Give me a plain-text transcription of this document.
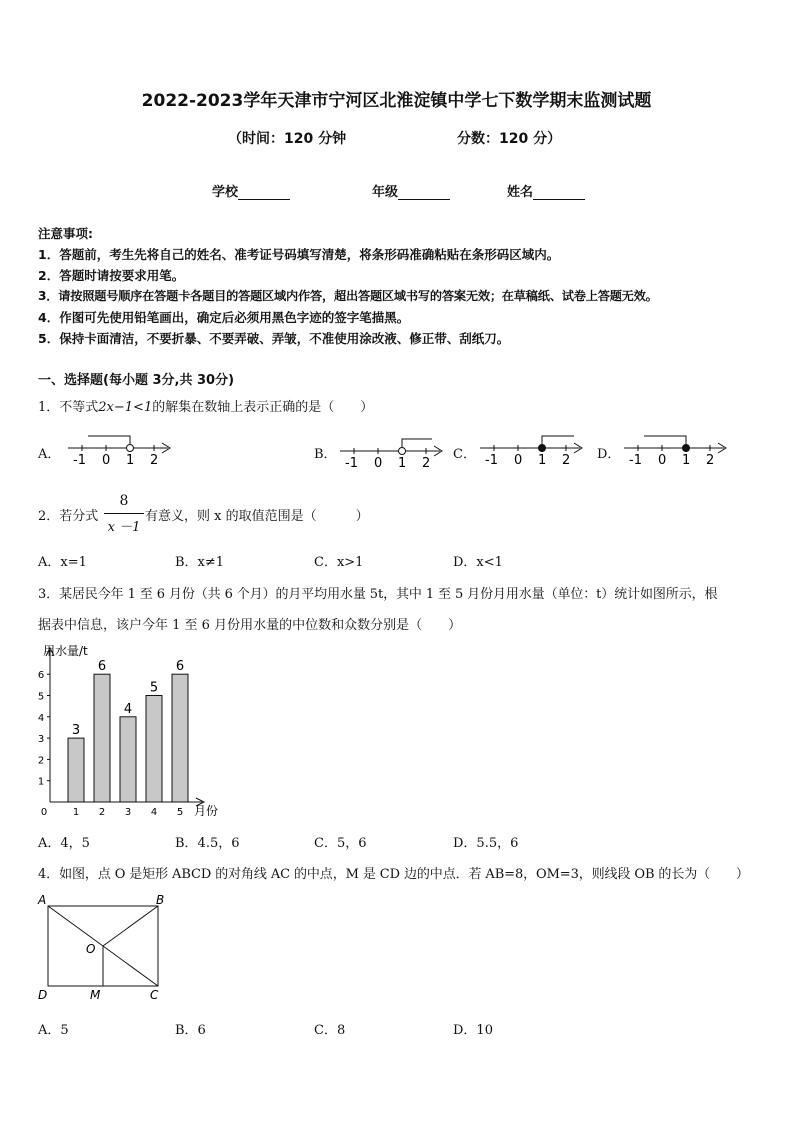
2022-2023学年天津市宁河区北淮淀镇中学七下数学期末监测试题
（时间：120 分钟	分数：120 分）
学校	年级	姓名
注意事项:
1．答题前，考生先将自己的姓名、准考证号码填写清楚，将条形码准确粘贴在条形码区域内。
2．答题时请按要求用笔。
3．请按照题号顺序在答题卡各题目的答题区域内作答，超出答题区域书写的答案无效；在草稿纸、试卷上答题无效。
4．作图可先使用铅笔画出，确定后必须用黑色字迹的签字笔描黑。
5．保持卡面清洁，不要折暴、不要弄破、弄皱，不准使用涂改液、修正带、刮纸刀。
一、选择题(每小题 3分,共 30分)
1．不等式2x−1<1的解集在数轴上表示正确的是（　　）
A．	B．	C．	D．
-1 0 1 2	-1 0 1 2	-1 0 1 2	-1 0 1 2
2．若分式
8
x －1
有意义，则 x 的取值范围是（　　　）
A．x=1	B．x≠1	C．x>1	D．x<1
3．某居民今年 1 至 6 月份（共 6 个月）的月平均用水量 5t，其中 1 至 5 月份月用水量（单位：t）统计如图所示，根
据表中信息，该户今年 1 至 6 月份用水量的中位数和众数分别是（　　）
用水量/t
月份
0
3
1
6
2
4
3
5
4
6
5
1
2
3
4
5
6
A．4，5	B．4.5，6	C．5，6	D．5.5，6
4．如图，点 O 是矩形 ABCD 的对角线 AC 的中点，M 是 CD 边的中点．若 AB=8，OM=3，则线段 OB 的长为（　　）
A	B
C
D
O
M
A．5	B．6	C．8	D．10
